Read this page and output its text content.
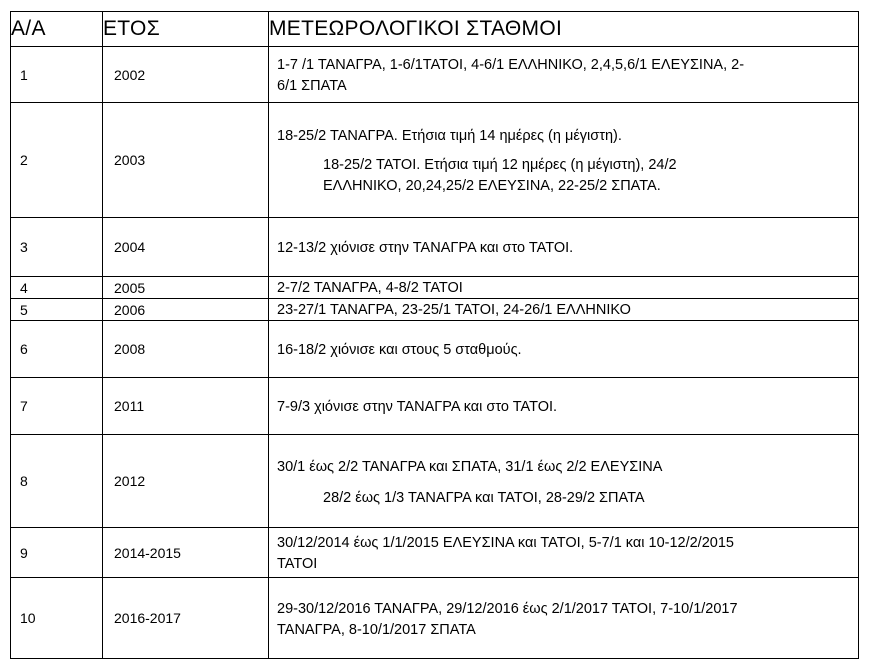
Α/Α	ΕΤΟΣ	ΜΕΤΕΩΡΟΛΟΓΙΚΟΙ ΣΤΑΘΜΟΙ
1	2002	1-7 /1 ΤΑΝΑΓΡΑ, 1-6/1ΤΑΤΟΙ, 4-6/1 ΕΛΛΗΝΙΚΟ, 2,4,5,6/1 ΕΛΕΥΣΙΝΑ, 2-
6/1 ΣΠΑΤΑ

2	2003	18-25/2 ΤΑΝΑΓΡΑ. Ετήσια τιμή 14 ημέρες (η μέγιστη).
18-25/2 ΤΑΤΟΙ. Ετήσια τιμή 12 ημέρες (η μέγιστη), 24/2
ΕΛΛΗΝΙΚΟ, 20,24,25/2 ΕΛΕΥΣΙΝΑ, 22-25/2 ΣΠΑΤΑ.

3	2004	12-13/2 χιόνισε στην ΤΑΝΑΓΡΑ και στο ΤΑΤΟΙ.

4	2005	2-7/2 ΤΑΝΑΓΡΑ, 4-8/2 ΤΑΤΟΙ

5	2006	23-27/1 ΤΑΝΑΓΡΑ, 23-25/1 ΤΑΤΟΙ, 24-26/1 ΕΛΛΗΝΙΚΟ

6	2008	16-18/2 χιόνισε και στους 5 σταθμούς.

7	2011	7-9/3 χιόνισε στην ΤΑΝΑΓΡΑ και στο ΤΑΤΟΙ.

8	2012	30/1 έως 2/2 ΤΑΝΑΓΡΑ και ΣΠΑΤΑ, 31/1 έως 2/2 ΕΛΕΥΣΙΝΑ
28/2 έως 1/3 ΤΑΝΑΓΡΑ και ΤΑΤΟΙ, 28-29/2 ΣΠΑΤΑ

9	2014-2015	30/12/2014 έως 1/1/2015 ΕΛΕΥΣΙΝΑ και ΤΑΤΟΙ, 5-7/1 και 10-12/2/2015
ΤΑΤΟΙ

10	2016-2017	29-30/12/2016 ΤΑΝΑΓΡΑ, 29/12/2016 έως 2/1/2017 ΤΑΤΟΙ, 7-10/1/2017
ΤΑΝΑΓΡΑ, 8-10/1/2017 ΣΠΑΤΑ
